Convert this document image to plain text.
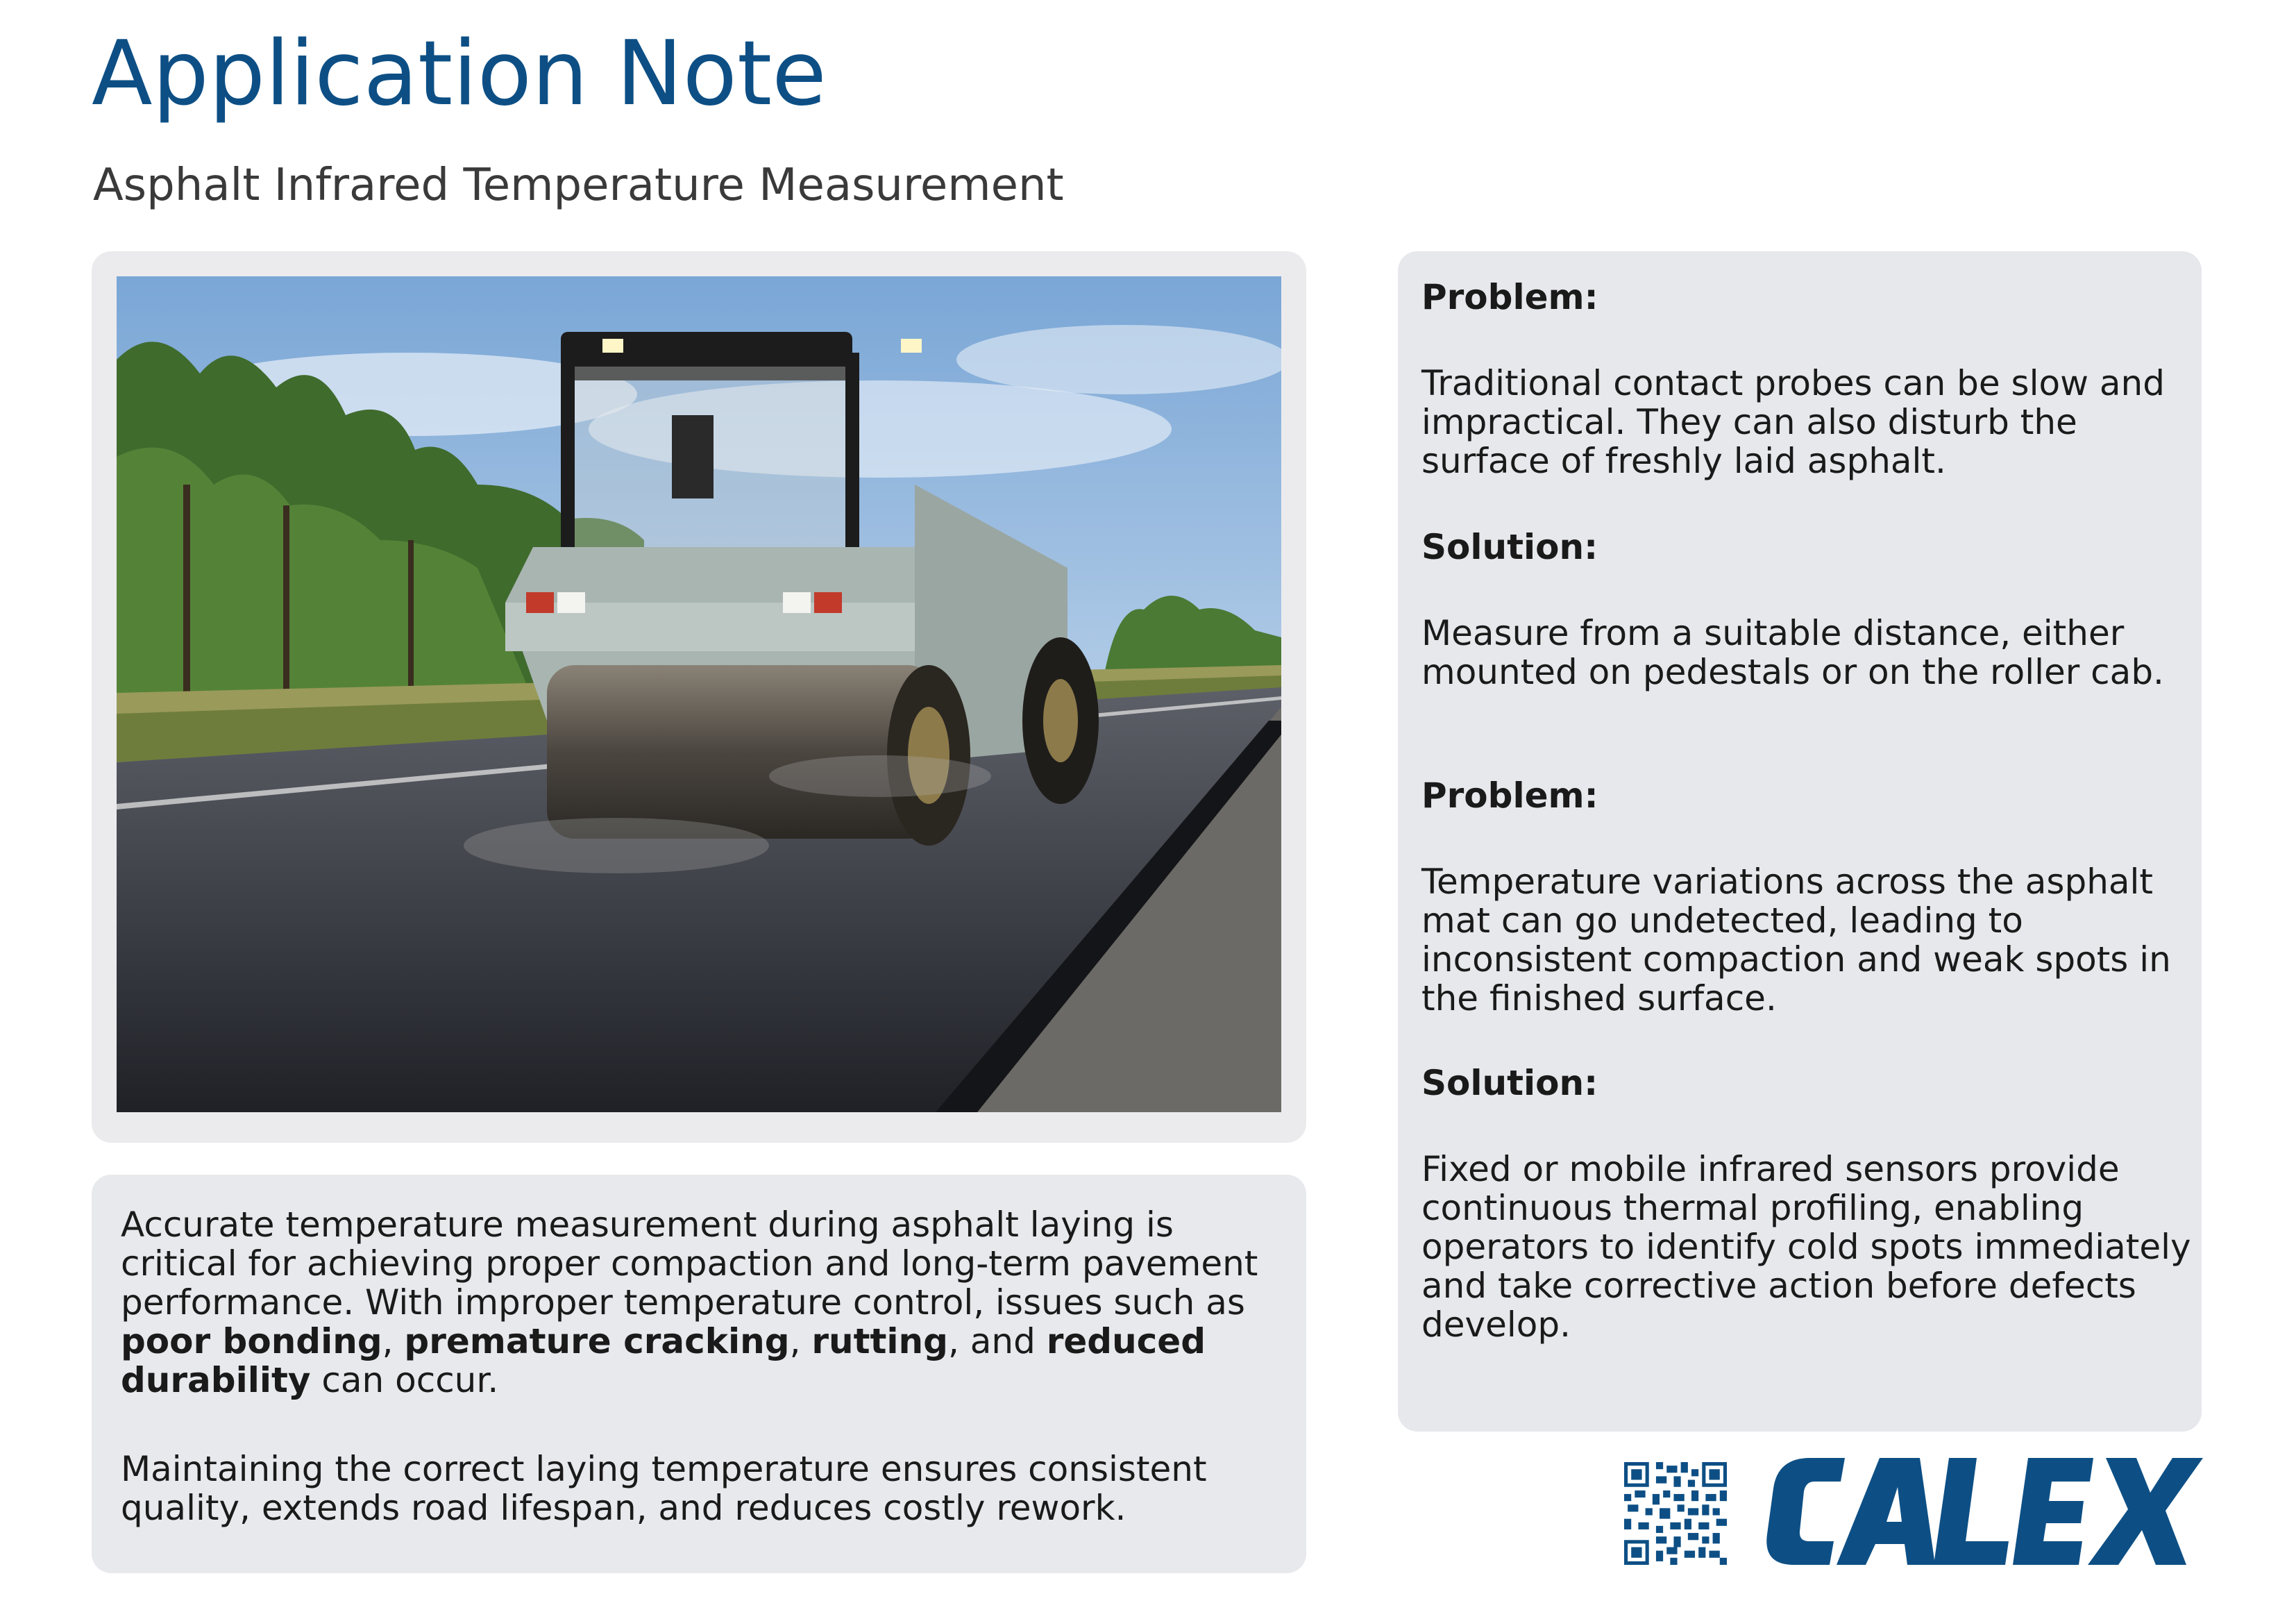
Application Note
Asphalt Infrared Temperature Measurement

Accurate temperature measurement during asphalt laying is critical for achieving proper compaction and long-term pavement performance. With improper temperature control, issues such as poor bonding, premature cracking, rutting, and reduced durability can occur.

Maintaining the correct laying temperature ensures consistent quality, extends road lifespan, and reduces costly rework.

Problem:

Traditional contact probes can be slow and impractical. They can also disturb the surface of freshly laid asphalt.

Solution:

Measure from a suitable distance, either mounted on pedestals or on the roller cab.

Problem:

Temperature variations across the asphalt mat can go undetected, leading to inconsistent compaction and weak spots in the finished surface.

Solution:

Fixed or mobile infrared sensors provide continuous thermal profiling, enabling operators to identify cold spots immediately and take corrective action before defects develop.
